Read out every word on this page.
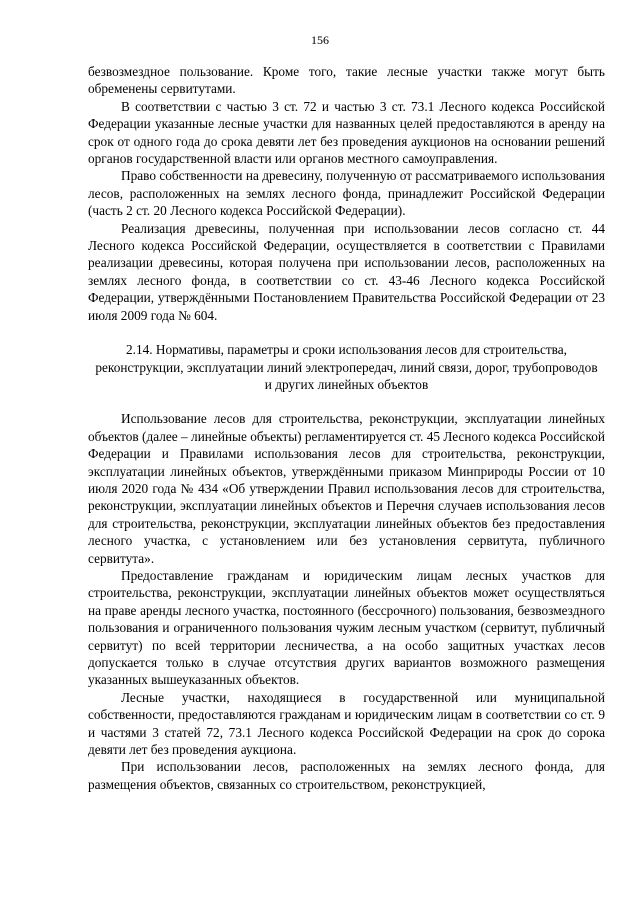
156

безвозмездное пользование. Кроме того, такие лесные участки также могут быть обременены сервитутами.

В соответствии с частью 3 ст. 72 и частью 3 ст. 73.1 Лесного кодекса Российской Федерации указанные лесные участки для названных целей предоставляются в аренду на срок от одного года до срока девяти лет без проведения аукционов на основании решений органов государственной власти или органов местного самоуправления.

Право собственности на древесину, полученную от рассматриваемого использования лесов, расположенных на землях лесного фонда, принадлежит Российской Федерации (часть 2 ст. 20 Лесного кодекса Российской Федерации).

Реализация древесины, полученная при использовании лесов согласно ст. 44 Лесного кодекса Российской Федерации, осуществляется в соответствии с Правилами реализации древесины, которая получена при использовании лесов, расположенных на землях лесного фонда, в соответствии со ст. 43-46 Лесного кодекса Российской Федерации, утверждёнными Постановлением Правительства Российской Федерации от 23 июля 2009 года № 604.

2.14. Нормативы, параметры и сроки использования лесов для строительства, реконструкции, эксплуатации линий электропередач, линий связи, дорог, трубопроводов и других линейных объектов

Использование лесов для строительства, реконструкции, эксплуатации линейных объектов (далее – линейные объекты) регламентируется ст. 45 Лесного кодекса Российской Федерации и Правилами использования лесов для строительства, реконструкции, эксплуатации линейных объектов, утверждёнными приказом Минприроды России от 10 июля 2020 года № 434 «Об утверждении Правил использования лесов для строительства, реконструкции, эксплуатации линейных объектов и Перечня случаев использования лесов для строительства, реконструкции, эксплуатации линейных объектов без предоставления лесного участка, с установлением или без установления сервитута, публичного сервитута».

Предоставление гражданам и юридическим лицам лесных участков для строительства, реконструкции, эксплуатации линейных объектов может осуществляться на праве аренды лесного участка, постоянного (бессрочного) пользования, безвозмездного пользования и ограниченного пользования чужим лесным участком (сервитут, публичный сервитут) по всей территории лесничества, а на особо защитных участках лесов допускается только в случае отсутствия других вариантов возможного размещения указанных вышеуказанных объектов.

Лесные участки, находящиеся в государственной или муниципальной собственности, предоставляются гражданам и юридическим лицам в соответствии со ст. 9 и частями 3 статей 72, 73.1 Лесного кодекса Российской Федерации на срок до сорока девяти лет без проведения аукциона.

При использовании лесов, расположенных на землях лесного фонда, для размещения объектов, связанных со строительством, реконструкцией,
